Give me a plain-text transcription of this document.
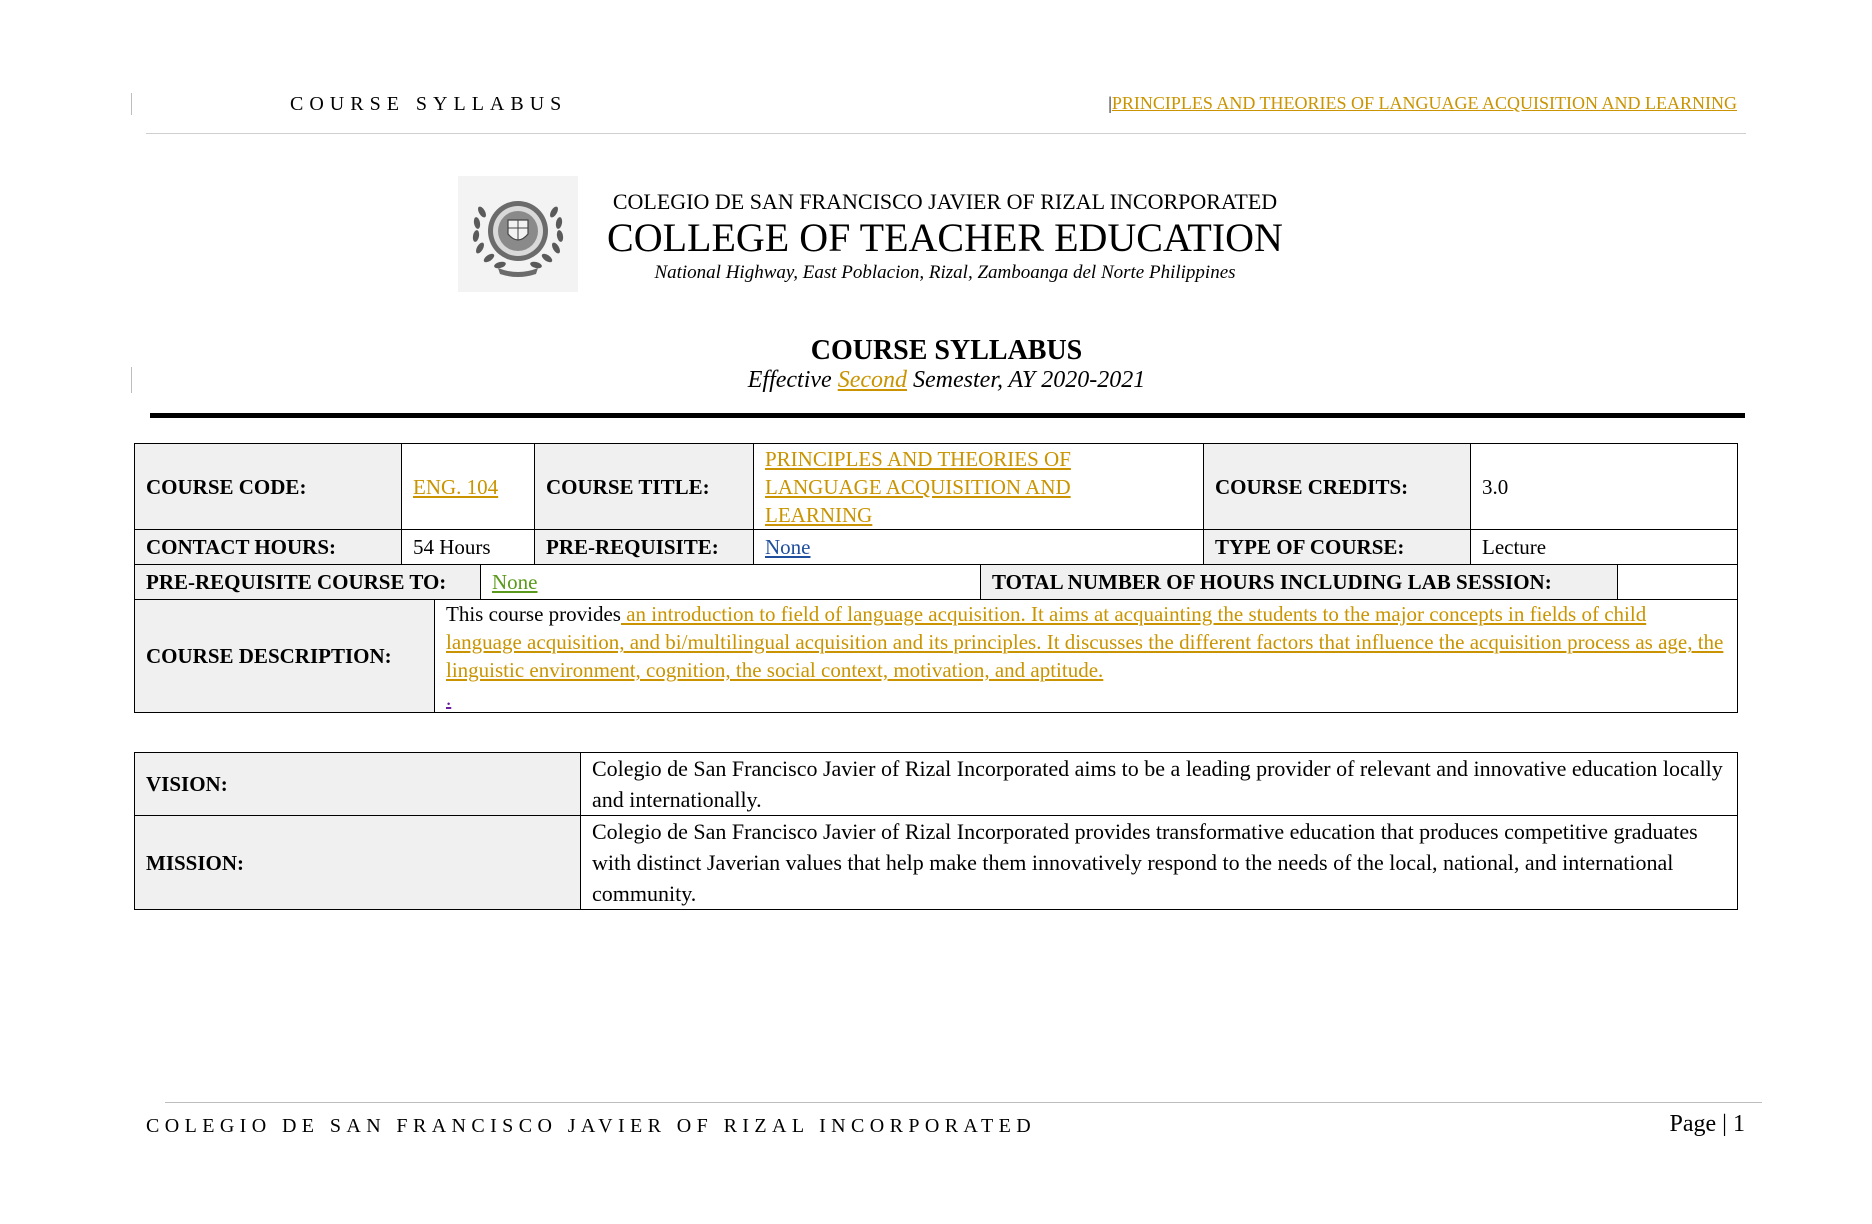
COURSE SYLLABUS	|PRINCIPLES AND THEORIES OF LANGUAGE ACQUISITION AND LEARNING
COLEGIO DE SAN FRANCISCO JAVIER OF RIZAL INCORPORATED
COLLEGE OF TEACHER EDUCATION
National Highway, East Poblacion, Rizal, Zamboanga del Norte Philippines
COURSE SYLLABUS
Effective Second Semester, AY 2020-2021
COURSE CODE:	ENG. 104	COURSE TITLE:	PRINCIPLES AND THEORIES OF LANGUAGE ACQUISITION AND LEARNING	COURSE CREDITS:	3.0
CONTACT HOURS:	54 Hours	PRE-REQUISITE:	None	TYPE OF COURSE:	Lecture
PRE-REQUISITE COURSE TO:	None	TOTAL NUMBER OF HOURS INCLUDING LAB SESSION:	
COURSE DESCRIPTION:	This course provides an introduction to field of language acquisition. It aims at acquainting the students to the major concepts in fields of child language acquisition, and bi/multilingual acquisition and its principles. It discusses the different factors that influence the acquisition process as age, the linguistic environment, cognition, the social context, motivation, and aptitude.
.
VISION:	Colegio de San Francisco Javier of Rizal Incorporated aims to be a leading provider of relevant and innovative education locally and internationally.
MISSION:	Colegio de San Francisco Javier of Rizal Incorporated provides transformative education that produces competitive graduates with distinct Javerian values that help make them innovatively respond to the needs of the local, national, and international community.
COLEGIO DE SAN FRANCISCO JAVIER OF RIZAL INCORPORATED	Page | 1
